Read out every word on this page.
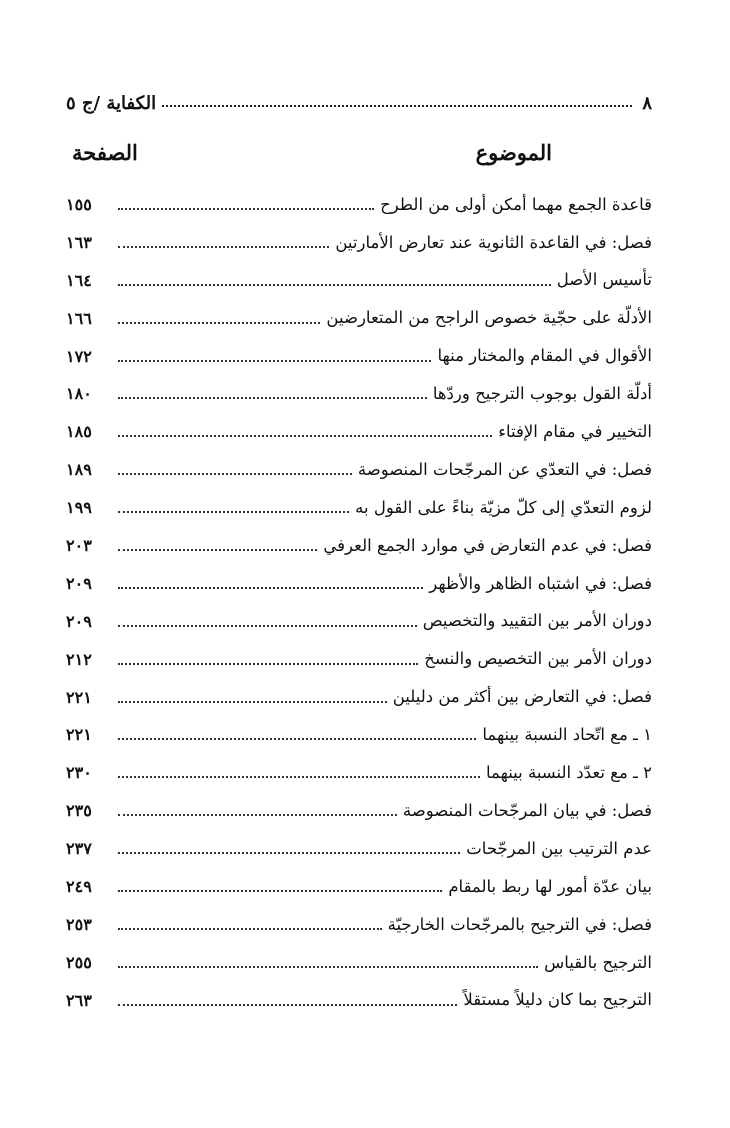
٨
الكفاية /ج ٥
الموضوع
الصفحة
قاعدة الجمع مهما أمكن أولى من الطرح
١٥٥
فصل: في القاعدة الثانوية عند تعارض الأمارتين
١٦٣
تأسيس الأصل
١٦٤
الأدلّة على حجّية خصوص الراجح من المتعارضين
١٦٦
الأقوال في المقام والمختار منها
١٧٢
أدلّة القول بوجوب الترجيح وردّها
١٨٠
التخيير في مقام الإفتاء
١٨٥
فصل: في التعدّي عن المرجّحات المنصوصة
١٨٩
لزوم التعدّي إلى كلّ مزيّة بناءً على القول به
١٩٩
فصل: في عدم التعارض في موارد الجمع العرفي
٢٠٣
فصل: في اشتباه الظاهر والأظهر
٢٠٩
دوران الأمر بين التقييد والتخصيص
٢٠٩
دوران الأمر بين التخصيص والنسخ
٢١٢
فصل: في التعارض بين أكثر من دليلين
٢٢١
١ ـ مع اتّحاد النسبة بينهما
٢٢١
٢ ـ مع تعدّد النسبة بينهما
٢٣٠
فصل: في بيان المرجّحات المنصوصة
٢٣٥
عدم الترتيب بين المرجّحات
٢٣٧
بيان عدّة أمور لها ربط بالمقام
٢٤٩
فصل: في الترجيح بالمرجّحات الخارجيّة
٢٥٣
الترجيح بالقياس
٢٥٥
الترجيح بما كان دليلاً مستقلاً
٢٦٣
